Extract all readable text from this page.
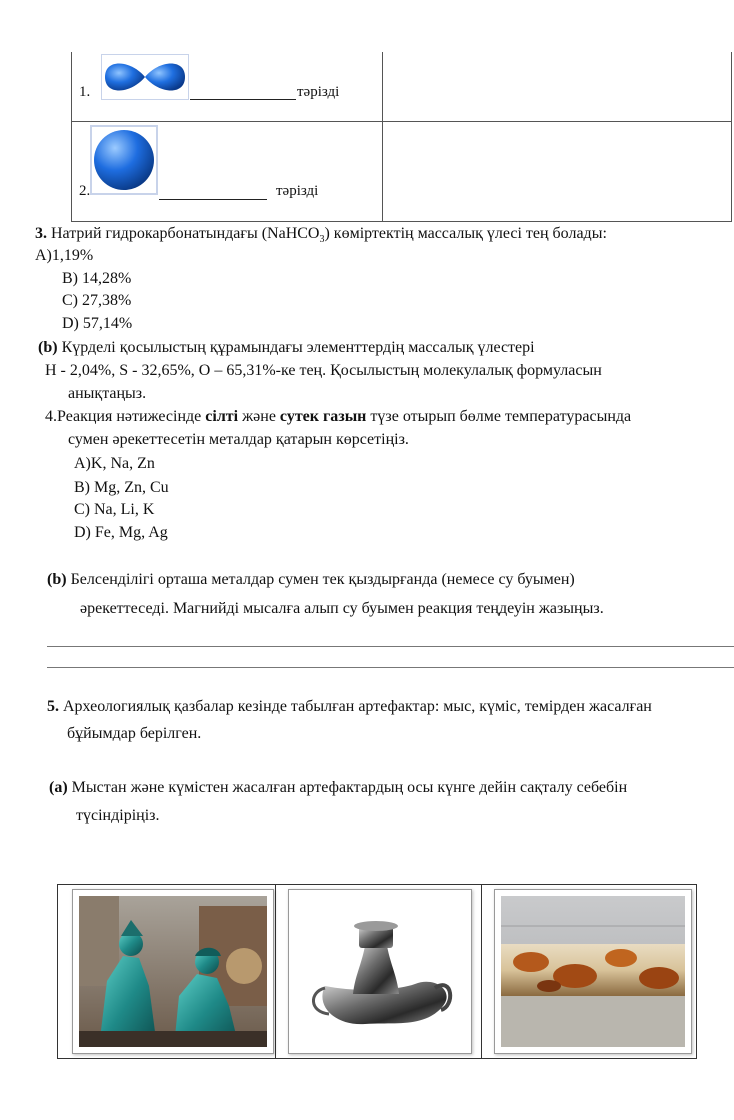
1.	тәрізді
2.	тәрізді
3. Натрий гидрокарбонатындағы (NaHCO$_3$) көміртектің массалық үлесі тең болады:
A)1,19%
B) 14,28%
C) 27,38%
D) 57,14%
(b) Күрделі қосылыстың құрамындағы элементтердің массалық үлестері
H - 2,04%, S - 32,65%, O – 65,31%-ке тең. Қосылыстың молекулалық формуласын
анықтаңыз.
4.Реакция нәтижесінде сілті және сутек газын түзе отырып бөлме температурасында
сумен әрекеттесетін металдар қатарын көрсетіңіз.
A)K, Na, Zn
B) Mg, Zn, Cu
C) Na, Li, K
D) Fe, Mg, Ag
(b) Белсенділігі орташа металдар сумен тек қыздырғанда (немесе су буымен)
әрекеттеседі. Магнийді мысалға алып су буымен реакция теңдеуін жазыңыз.
5. Археологиялық қазбалар кезінде табылған артефактар: мыс, күміс, темірден жасалған
бұйымдар берілген.
(a) Мыстан және күмістен жасалған артефактардың осы күнге дейін сақталу себебін
түсіндіріңіз.
